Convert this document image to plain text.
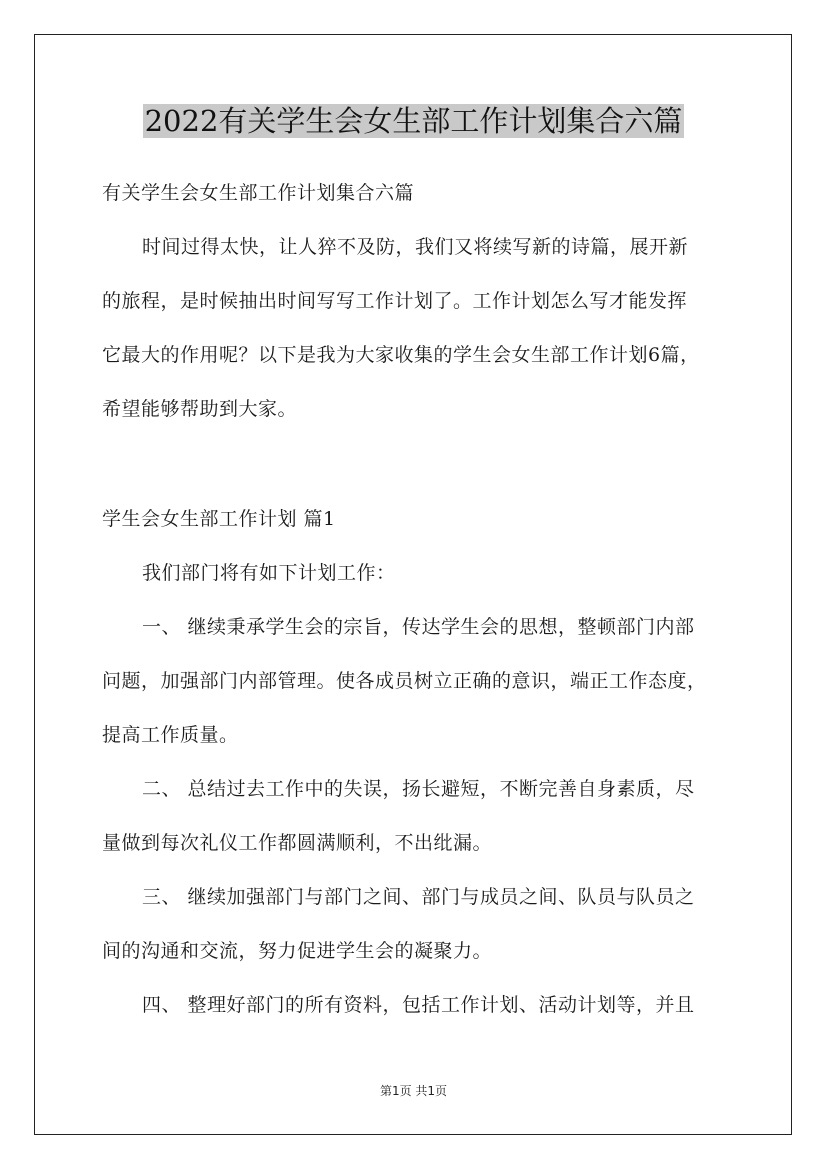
2022有关学生会女生部工作计划集合六篇
有关学生会女生部工作计划集合六篇
时间过得太快，让人猝不及防，我们又将续写新的诗篇，展开新
的旅程，是时候抽出时间写写工作计划了。工作计划怎么写才能发挥
它最大的作用呢？以下是我为大家收集的学生会女生部工作计划6篇，
希望能够帮助到大家。
学生会女生部工作计划 篇1
我们部门将有如下计划工作：
一、 继续秉承学生会的宗旨，传达学生会的思想，整顿部门内部
问题，加强部门内部管理。使各成员树立正确的意识，端正工作态度，
提高工作质量。
二、 总结过去工作中的失误，扬长避短，不断完善自身素质，尽
量做到每次礼仪工作都圆满顺利，不出纰漏。
三、 继续加强部门与部门之间、部门与成员之间、队员与队员之
间的沟通和交流，努力促进学生会的凝聚力。
四、 整理好部门的所有资料，包括工作计划、活动计划等，并且
第1页 共1页
